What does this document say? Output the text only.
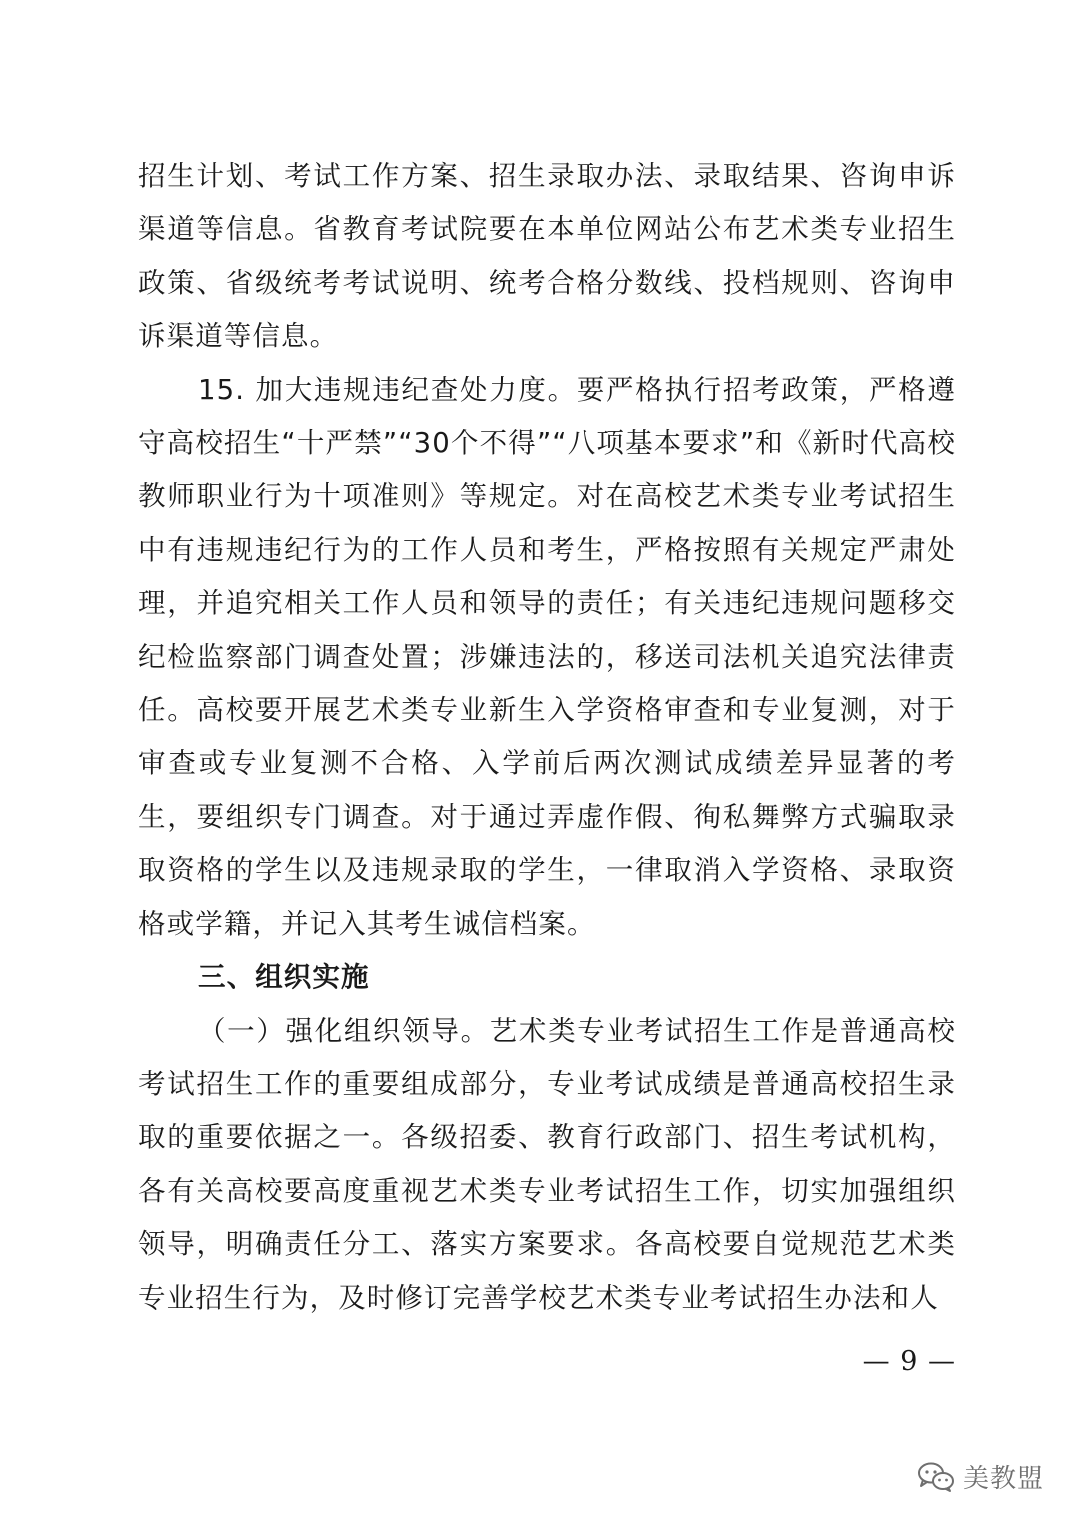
招生计划、考试工作方案、招生录取办法、录取结果、咨询申诉渠道等信息。省教育考试院要在本单位网站公布艺术类专业招生政策、省级统考考试说明、统考合格分数线、投档规则、咨询申诉渠道等信息。

15. 加大违规违纪查处力度。要严格执行招考政策，严格遵守高校招生“十严禁”“30个不得”“八项基本要求”和《新时代高校教师职业行为十项准则》等规定。对在高校艺术类专业考试招生中有违规违纪行为的工作人员和考生，严格按照有关规定严肃处理，并追究相关工作人员和领导的责任；有关违纪违规问题移交纪检监察部门调查处置；涉嫌违法的，移送司法机关追究法律责任。高校要开展艺术类专业新生入学资格审查和专业复测，对于审查或专业复测不合格、入学前后两次测试成绩差异显著的考生，要组织专门调查。对于通过弄虚作假、徇私舞弊方式骗取录取资格的学生以及违规录取的学生，一律取消入学资格、录取资格或学籍，并记入其考生诚信档案。

三、组织实施

（一）强化组织领导。艺术类专业考试招生工作是普通高校考试招生工作的重要组成部分，专业考试成绩是普通高校招生录取的重要依据之一。各级招委、教育行政部门、招生考试机构，各有关高校要高度重视艺术类专业考试招生工作，切实加强组织领导，明确责任分工、落实方案要求。各高校要自觉规范艺术类专业招生行为，及时修订完善学校艺术类专业考试招生办法和人

— 9 —
美教盟
